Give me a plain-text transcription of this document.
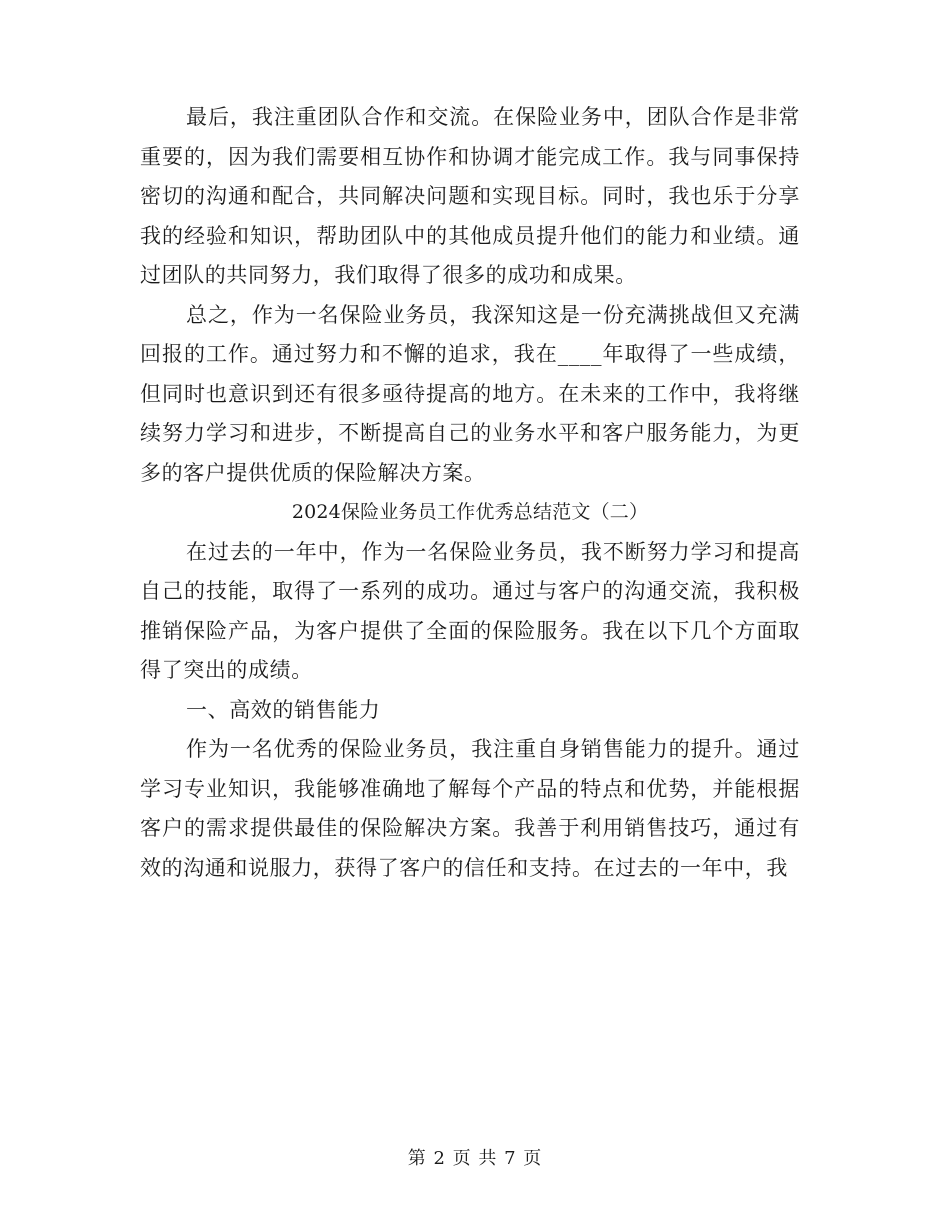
最后，我注重团队合作和交流。在保险业务中，团队合作是非常重要的，因为我们需要相互协作和协调才能完成工作。我与同事保持密切的沟通和配合，共同解决问题和实现目标。同时，我也乐于分享我的经验和知识，帮助团队中的其他成员提升他们的能力和业绩。通过团队的共同努力，我们取得了很多的成功和成果。

总之，作为一名保险业务员，我深知这是一份充满挑战但又充满回报的工作。通过努力和不懈的追求，我在____年取得了一些成绩，但同时也意识到还有很多亟待提高的地方。在未来的工作中，我将继续努力学习和进步，不断提高自己的业务水平和客户服务能力，为更多的客户提供优质的保险解决方案。

2024保险业务员工作优秀总结范文（二）

在过去的一年中，作为一名保险业务员，我不断努力学习和提高自己的技能，取得了一系列的成功。通过与客户的沟通交流，我积极推销保险产品，为客户提供了全面的保险服务。我在以下几个方面取得了突出的成绩。

一、高效的销售能力

作为一名优秀的保险业务员，我注重自身销售能力的提升。通过学习专业知识，我能够准确地了解每个产品的特点和优势，并能根据客户的需求提供最佳的保险解决方案。我善于利用销售技巧，通过有效的沟通和说服力，获得了客户的信任和支持。在过去的一年中，我

第 2 页 共 7 页
